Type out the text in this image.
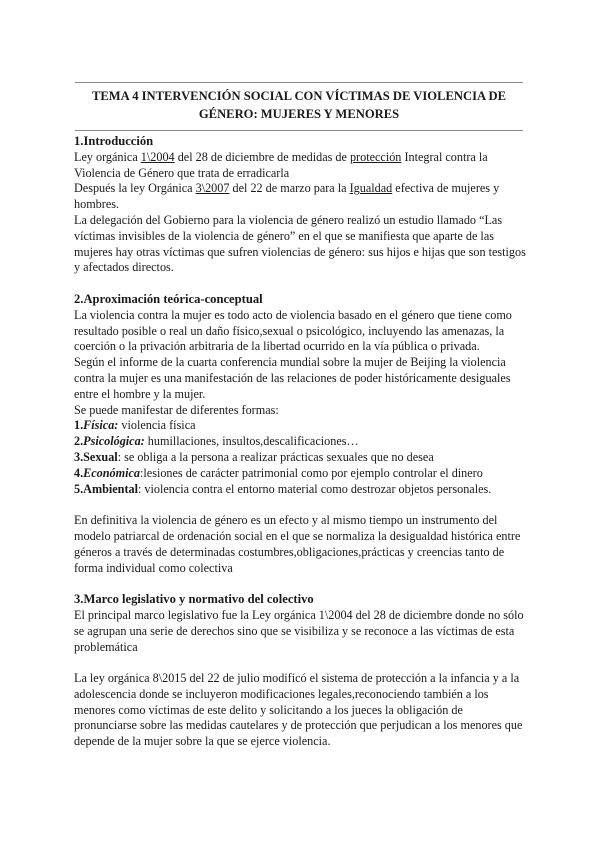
TEMA 4 INTERVENCIÓN SOCIAL CON VÍCTIMAS DE VIOLENCIA DE GÉNERO: MUJERES Y MENORES

1.Introducción

Ley orgánica 1\2004 del 28 de diciembre de medidas de protección Integral contra la Violencia de Género que trata de erradicarla

Después la ley Orgánica 3\2007 del 22 de marzo para la Igualdad efectiva de mujeres y hombres.

La delegación del Gobierno para la violencia de género realizó un estudio llamado “Las víctimas invisibles de la violencia de género” en el que se manifiesta que aparte de las mujeres hay otras víctimas que sufren violencias de género: sus hijos e hijas que son testigos y afectados directos.

2.Aproximación teórica-conceptual

La violencia contra la mujer es todo acto de violencia basado en el género que tiene como resultado posible o real un daño físico,sexual o psicológico, incluyendo las amenazas, la coerción o la privación arbitraria de la libertad ocurrido en la vía pública o privada.

Según el informe de la cuarta conferencia mundial sobre la mujer de Beijing la violencia contra la mujer es una manifestación de las relaciones de poder históricamente desiguales entre el hombre y la mujer.

Se puede manifestar de diferentes formas:

1.Física: violencia física

2.Psicológica: humillaciones, insultos,descalificaciones…

3.Sexual: se obliga a la persona a realizar prácticas sexuales que no desea

4.Económica:lesiones de carácter patrimonial como por ejemplo controlar el dinero

5.Ambiental: violencia contra el entorno material como destrozar objetos personales.

En definitiva la violencia de género es un efecto y al mismo tiempo un instrumento del modelo patriarcal de ordenación social en el que se normaliza la desigualdad histórica entre géneros a través de determinadas costumbres,obligaciones,prácticas y creencias tanto de forma individual como colectiva

3.Marco legislativo y normativo del colectivo

El principal marco legislativo fue la Ley orgánica 1\2004 del 28 de diciembre donde no sólo se agrupan una serie de derechos sino que se visibiliza y se reconoce a las víctimas de esta problemática

La ley orgánica 8\2015 del 22 de julio modificó el sistema de protección a la infancia y a la adolescencia donde se incluyeron modificaciones legales,reconociendo también a los menores como víctimas de este delito y solicitando a los jueces la obligación de pronunciarse sobre las medidas cautelares y de protección que perjudican a los menores que depende de la mujer sobre la que se ejerce violencia.
